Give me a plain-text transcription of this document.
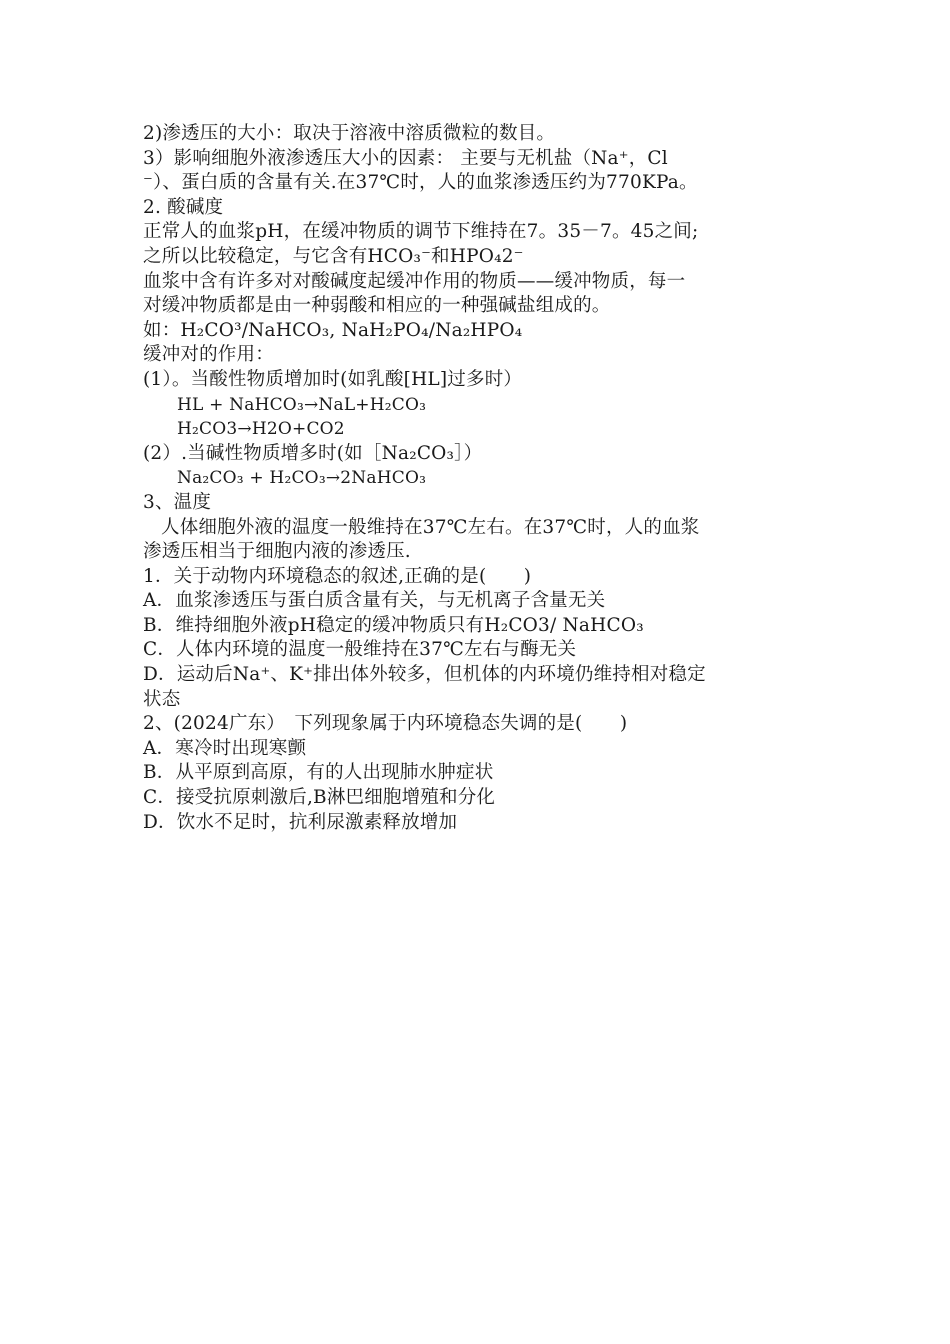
2)渗透压的大小：取决于溶液中溶质微粒的数目。
3）影响细胞外液渗透压大小的因素： 主要与无机盐（Na⁺，Cl
⁻）、蛋白质的含量有关.在37℃时，人的血浆渗透压约为770KPa。
2. 酸碱度
正常人的血浆pH，在缓冲物质的调节下维持在7。35－7。45之间;
之所以比较稳定，与它含有HCO₃⁻和HPO₄2⁻
血浆中含有许多对对酸碱度起缓冲作用的物质——缓冲物质，每一
对缓冲物质都是由一种弱酸和相应的一种强碱盐组成的。
如：H₂CO³/NaHCO₃, NaH₂PO₄/Na₂HPO₄
缓冲对的作用：
(1）。当酸性物质增加时(如乳酸[HL]过多时）
HL + NaHCO₃→NaL+H₂CO₃
H₂CO3→H2O+CO2
(2）.当碱性物质增多时(如［Na₂CO₃］）
Na₂CO₃ + H₂CO₃→2NaHCO₃
3、温度
人体细胞外液的温度一般维持在37℃左右。在37℃时，人的血浆
渗透压相当于细胞内液的渗透压.
1．关于动物内环境稳态的叙述,正确的是(　　)
A．血浆渗透压与蛋白质含量有关，与无机离子含量无关
B．维持细胞外液pH稳定的缓冲物质只有H₂CO3/ NaHCO₃
C．人体内环境的温度一般维持在37℃左右与酶无关
D．运动后Na⁺、K⁺排出体外较多，但机体的内环境仍维持相对稳定
状态
2、(2024广东）　下列现象属于内环境稳态失调的是(　　)
A．寒冷时出现寒颤
B．从平原到高原，有的人出现肺水肿症状
C．接受抗原刺激后,B淋巴细胞增殖和分化
D．饮水不足时，抗利尿激素释放增加
